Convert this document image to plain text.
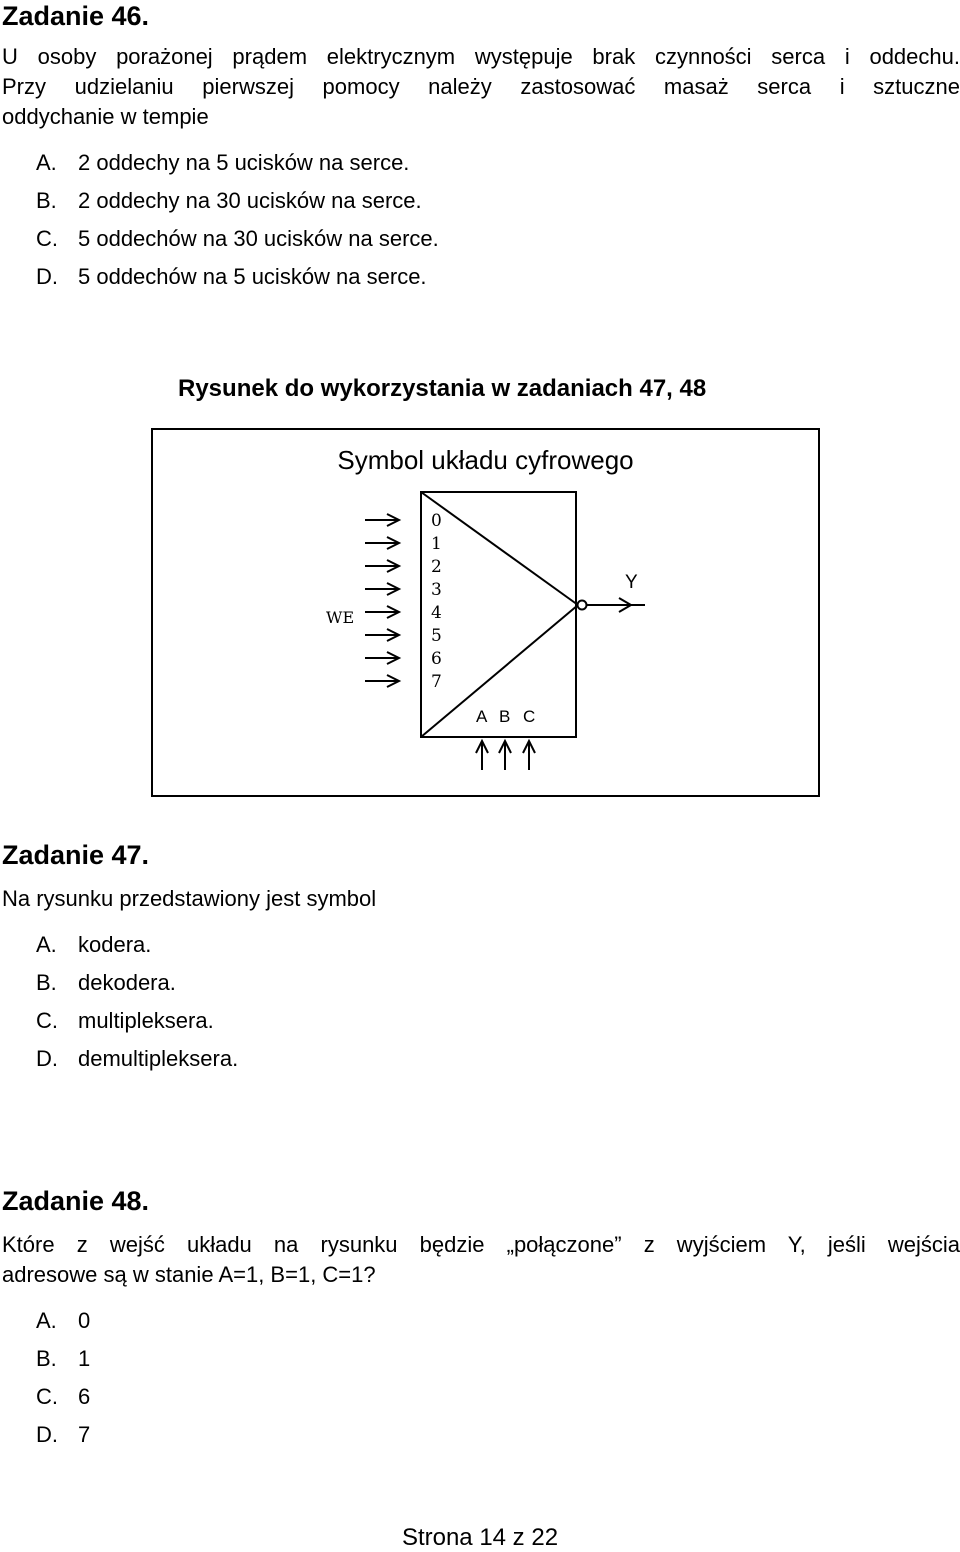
Zadanie 46.

U osoby porażonej prądem elektrycznym występuje brak czynności serca i oddechu.

Przy udzielaniu pierwszej pomocy należy zastosować masaż serca i sztuczne

oddychanie w tempie

A. 2 oddechy na 5 ucisków na serce.

B. 2 oddechy na 30 ucisków na serce.

C. 5 oddechów na 30 ucisków na serce.

D. 5 oddechów na 5 ucisków na serce.

Rysunek do wykorzystania w zadaniach 47, 48

Symbol układu cyfrowego
0
1
2
3
4
5
6
7
A B C
WE
Y

Zadanie 47.

Na rysunku przedstawiony jest symbol

A. kodera.

B. dekodera.

C. multipleksera.

D. demultipleksera.

Zadanie 48.

Które z wejść układu na rysunku będzie „połączone” z wyjściem Y, jeśli wejścia

adresowe są w stanie A=1, B=1, C=1?

A. 0

B. 1

C. 6

D. 7

Strona 14 z 22
